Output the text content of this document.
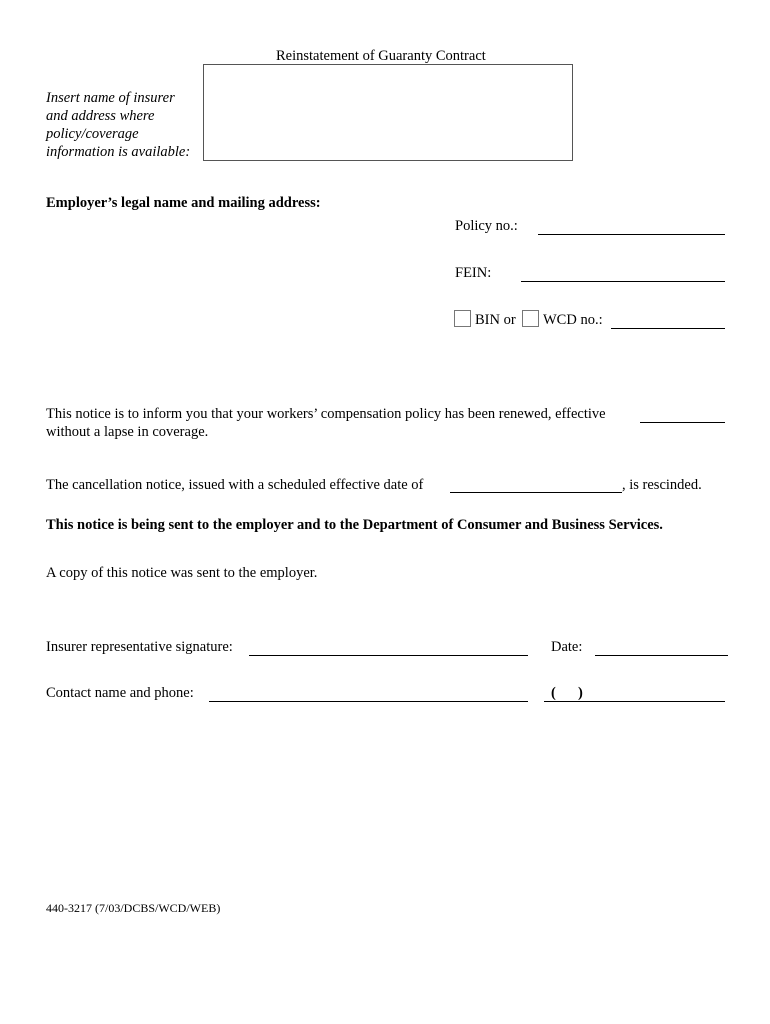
Reinstatement of Guaranty Contract
Insert name of insurer
and address where
policy/coverage
information is available:
Employer’s legal name and mailing address:
Policy no.:
FEIN:
BIN or WCD no.:
This notice is to inform you that your workers’ compensation policy has been renewed, effective
without a lapse in coverage.
The cancellation notice, issued with a scheduled effective date of	, is rescinded.
This notice is being sent to the employer and to the Department of Consumer and Business Services.
A copy of this notice was sent to the employer.
Insurer representative signature:	Date:
Contact name and phone:	( )
440-3217 (7/03/DCBS/WCD/WEB)
